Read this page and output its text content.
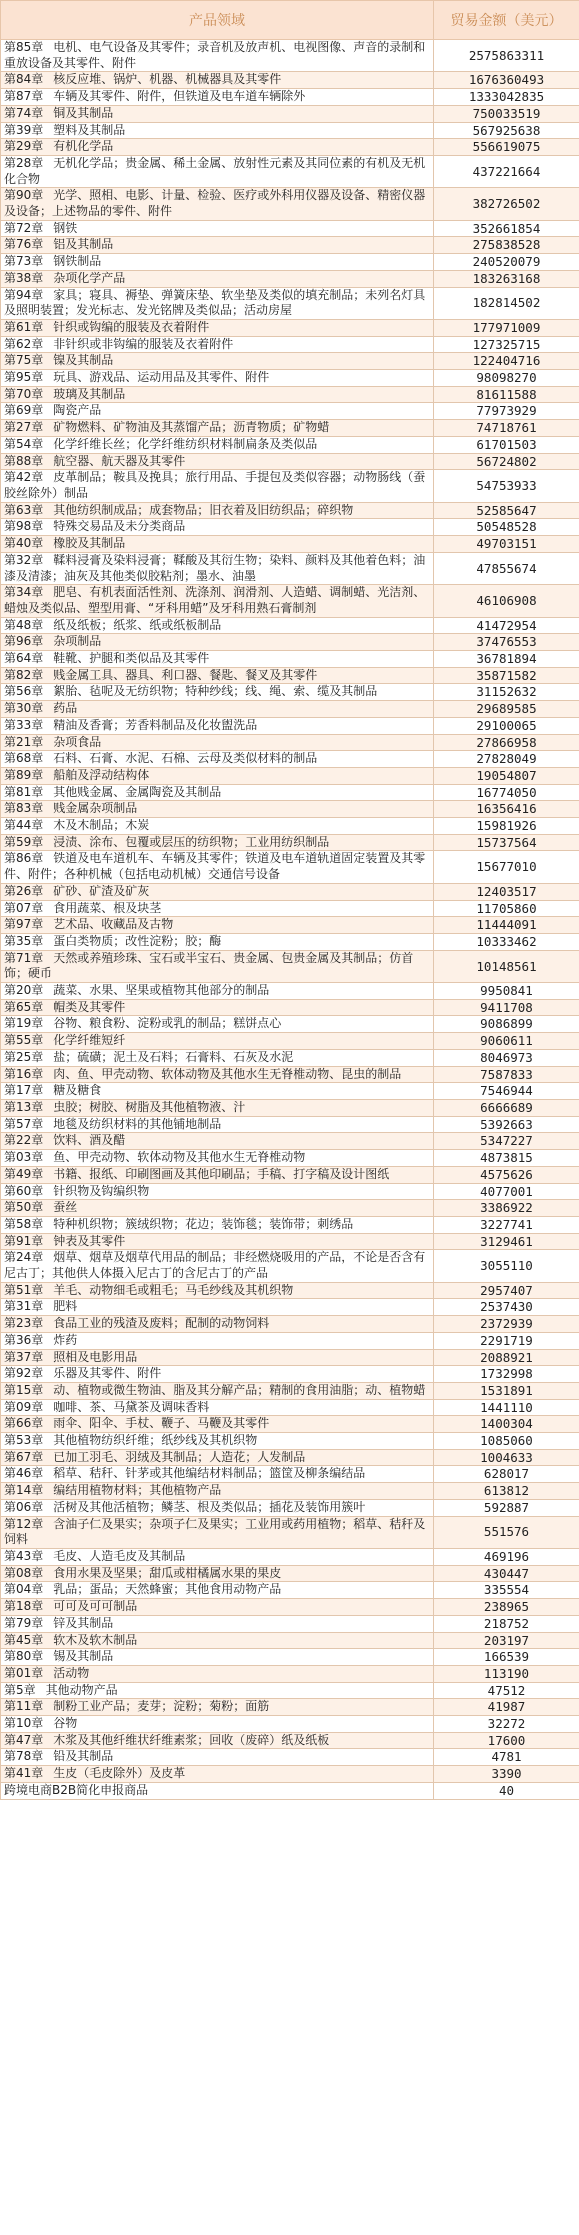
产品领域	贸易金额（美元）
第85章 电机、电气设备及其零件；录音机及放声机、电视图像、声音的录制和重放设备及其零件、附件	2575863311
第84章 核反应堆、锅炉、机器、机械器具及其零件	1676360493
第87章 车辆及其零件、附件，但铁道及电车道车辆除外	1333042835
第74章 铜及其制品	750033519
第39章 塑料及其制品	567925638
第29章 有机化学品	556619075
第28章 无机化学品；贵金属、稀土金属、放射性元素及其同位素的有机及无机化合物	437221664
第90章 光学、照相、电影、计量、检验、医疗或外科用仪器及设备、精密仪器及设备；上述物品的零件、附件	382726502
第72章 钢铁	352661854
第76章 铝及其制品	275838528
第73章 钢铁制品	240520079
第38章 杂项化学产品	183263168
第94章 家具；寝具、褥垫、弹簧床垫、软坐垫及类似的填充制品；未列名灯具及照明装置；发光标志、发光铭牌及类似品；活动房屋	182814502
第61章 针织或钩编的服装及衣着附件	177971009
第62章 非针织或非钩编的服装及衣着附件	127325715
第75章 镍及其制品	122404716
第95章 玩具、游戏品、运动用品及其零件、附件	98098270
第70章 玻璃及其制品	81611588
第69章 陶瓷产品	77973929
第27章 矿物燃料、矿物油及其蒸馏产品；沥青物质；矿物蜡	74718761
第54章 化学纤维长丝；化学纤维纺织材料制扁条及类似品	61701503
第88章 航空器、航天器及其零件	56724802
第42章 皮革制品；鞍具及挽具；旅行用品、手提包及类似容器；动物肠线（蚕胶丝除外）制品	54753933
第63章 其他纺织制成品；成套物品；旧衣着及旧纺织品；碎织物	52585647
第98章 特殊交易品及未分类商品	50548528
第40章 橡胶及其制品	49703151
第32章 鞣料浸膏及染料浸膏；鞣酸及其衍生物；染料、颜料及其他着色料；油漆及清漆；油灰及其他类似胶粘剂；墨水、油墨	47855674
第34章 肥皂、有机表面活性剂、洗涤剂、润滑剂、人造蜡、调制蜡、光洁剂、蜡烛及类似品、塑型用膏、“牙科用蜡”及牙科用熟石膏制剂	46106908
第48章 纸及纸板；纸浆、纸或纸板制品	41472954
第96章 杂项制品	37476553
第64章 鞋靴、护腿和类似品及其零件	36781894
第82章 贱金属工具、器具、利口器、餐匙、餐叉及其零件	35871582
第56章 絮胎、毡呢及无纺织物；特种纱线；线、绳、索、缆及其制品	31152632
第30章 药品	29689585
第33章 精油及香膏；芳香料制品及化妆盥洗品	29100065
第21章 杂项食品	27866958
第68章 石料、石膏、水泥、石棉、云母及类似材料的制品	27828049
第89章 船舶及浮动结构体	19054807
第81章 其他贱金属、金属陶瓷及其制品	16774050
第83章 贱金属杂项制品	16356416
第44章 木及木制品；木炭	15981926
第59章 浸渍、涂布、包覆或层压的纺织物；工业用纺织制品	15737564
第86章 铁道及电车道机车、车辆及其零件；铁道及电车道轨道固定装置及其零件、附件；各种机械（包括电动机械）交通信号设备	15677010
第26章 矿砂、矿渣及矿灰	12403517
第07章 食用蔬菜、根及块茎	11705860
第97章 艺术品、收藏品及古物	11444091
第35章 蛋白类物质；改性淀粉；胶；酶	10333462
第71章 天然或养殖珍珠、宝石或半宝石、贵金属、包贵金属及其制品；仿首饰；硬币	10148561
第20章 蔬菜、水果、坚果或植物其他部分的制品	9950841
第65章 帽类及其零件	9411708
第19章 谷物、粮食粉、淀粉或乳的制品；糕饼点心	9086899
第55章 化学纤维短纤	9060611
第25章 盐；硫磺；泥土及石料；石膏料、石灰及水泥	8046973
第16章 肉、鱼、甲壳动物、软体动物及其他水生无脊椎动物、昆虫的制品	7587833
第17章 糖及糖食	7546944
第13章 虫胶；树胶、树脂及其他植物液、汁	6666689
第57章 地毯及纺织材料的其他铺地制品	5392663
第22章 饮料、酒及醋	5347227
第03章 鱼、甲壳动物、软体动物及其他水生无脊椎动物	4873815
第49章 书籍、报纸、印刷图画及其他印刷品；手稿、打字稿及设计图纸	4575626
第60章 针织物及钩编织物	4077001
第50章 蚕丝	3386922
第58章 特种机织物；簇绒织物；花边；装饰毯；装饰带；刺绣品	3227741
第91章 钟表及其零件	3129461
第24章 烟草、烟草及烟草代用品的制品；非经燃烧吸用的产品，不论是否含有尼古丁；其他供人体摄入尼古丁的含尼古丁的产品	3055110
第51章 羊毛、动物细毛或粗毛；马毛纱线及其机织物	2957407
第31章 肥料	2537430
第23章 食品工业的残渣及废料；配制的动物饲料	2372939
第36章 炸药	2291719
第37章 照相及电影用品	2088921
第92章 乐器及其零件、附件	1732998
第15章 动、植物或微生物油、脂及其分解产品；精制的食用油脂；动、植物蜡	1531891
第09章 咖啡、茶、马黛茶及调味香料	1441110
第66章 雨伞、阳伞、手杖、鞭子、马鞭及其零件	1400304
第53章 其他植物纺织纤维；纸纱线及其机织物	1085060
第67章 已加工羽毛、羽绒及其制品；人造花；人发制品	1004633
第46章 稻草、秸秆、针茅或其他编结材料制品；篮筐及柳条编结品	628017
第14章 编结用植物材料；其他植物产品	613812
第06章 活树及其他活植物；鳞茎、根及类似品；插花及装饰用簇叶	592887
第12章 含油子仁及果实；杂项子仁及果实；工业用或药用植物；稻草、秸秆及饲料	551576
第43章 毛皮、人造毛皮及其制品	469196
第08章 食用水果及坚果；甜瓜或柑橘属水果的果皮	430447
第04章 乳品；蛋品；天然蜂蜜；其他食用动物产品	335554
第18章 可可及可可制品	238965
第79章 锌及其制品	218752
第45章 软木及软木制品	203197
第80章 锡及其制品	166539
第01章 活动物	113190
第5章 其他动物产品	47512
第11章 制粉工业产品；麦芽；淀粉；菊粉；面筋	41987
第10章 谷物	32272
第47章 木浆及其他纤维状纤维素浆；回收（废碎）纸及纸板	17600
第78章 铅及其制品	4781
第41章 生皮（毛皮除外）及皮革	3390
跨境电商B2B简化申报商品	40
